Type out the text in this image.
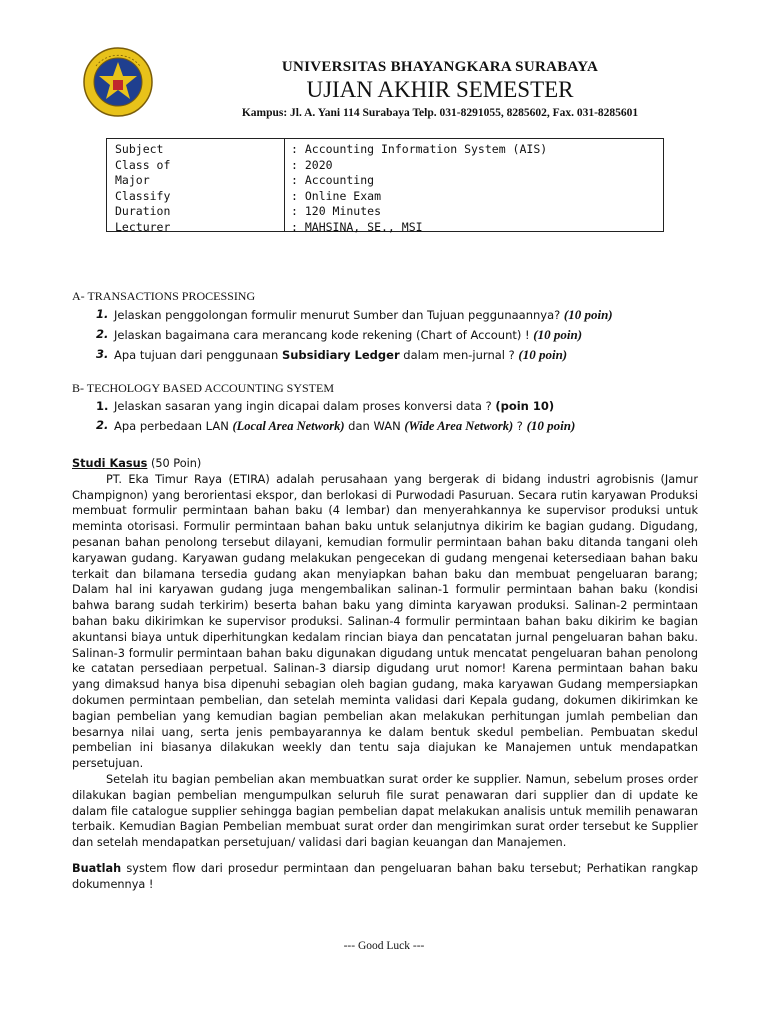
UNIVERSITAS BHAYANGKARA SURABAYA
UJIAN AKHIR SEMESTER
Kampus: Jl. A. Yani 114 Surabaya Telp. 031-8291055, 8285602, Fax. 031-8285601
Subject
Class of
Major
Classify
Duration
Lecturer
: Accounting Information System (AIS)
: 2020
: Accounting
: Online Exam
: 120 Minutes
: MAHSINA, SE., MSI
A- TRANSACTIONS PROCESSING
1. Jelaskan penggolongan formulir menurut Sumber dan Tujuan peggunaannya? (10 poin)
2. Jelaskan bagaimana cara merancang kode rekening (Chart of Account) ! (10 poin)
3. Apa tujuan dari penggunaan Subsidiary Ledger dalam men-jurnal ? (10 poin)
B- TECHOLOGY BASED ACCOUNTING SYSTEM
1. Jelaskan sasaran yang ingin dicapai dalam proses konversi data ? (poin 10)
2. Apa perbedaan LAN (Local Area Network) dan WAN (Wide Area Network) ? (10 poin)
Studi Kasus (50 Poin)

PT. Eka Timur Raya (ETIRA) adalah perusahaan yang bergerak di bidang industri agrobisnis (Jamur Champignon) yang berorientasi ekspor, dan berlokasi di Purwodadi Pasuruan. Secara rutin karyawan Produksi membuat formulir permintaan bahan baku (4 lembar) dan menyerahkannya ke supervisor produksi untuk meminta otorisasi. Formulir permintaan bahan baku untuk selanjutnya dikirim ke bagian gudang. Digudang, pesanan bahan penolong tersebut dilayani, kemudian formulir permintaan bahan baku ditanda tangani oleh karyawan gudang. Karyawan gudang melakukan pengecekan di gudang mengenai ketersediaan bahan baku terkait dan bilamana tersedia gudang akan menyiapkan bahan baku dan membuat pengeluaran barang; Dalam hal ini karyawan gudang juga mengembalikan salinan-1 formulir permintaan bahan baku (kondisi bahwa barang sudah terkirim) beserta bahan baku yang diminta karyawan produksi. Salinan-2 permintaan bahan baku dikirimkan ke supervisor produksi. Salinan-4 formulir permintaan bahan baku dikirim ke bagian akuntansi biaya untuk diperhitungkan kedalam rincian biaya dan pencatatan jurnal pengeluaran bahan baku. Salinan-3 formulir permintaan bahan baku digunakan digudang untuk mencatat pengeluaran bahan penolong ke catatan persediaan perpetual. Salinan-3 diarsip digudang urut nomor! Karena permintaan bahan baku yang dimaksud hanya bisa dipenuhi sebagian oleh bagian gudang, maka karyawan Gudang mempersiapkan dokumen permintaan pembelian, dan setelah meminta validasi dari Kepala gudang, dokumen dikirimkan ke bagian pembelian yang kemudian bagian pembelian akan melakukan perhitungan jumlah pembelian dan besarnya nilai uang, serta jenis pembayarannya ke dalam bentuk skedul pembelian. Pembuatan skedul pembelian ini biasanya dilakukan weekly dan tentu saja diajukan ke Manajemen untuk mendapatkan persetujuan.

Setelah itu bagian pembelian akan membuatkan surat order ke supplier. Namun, sebelum proses order dilakukan bagian pembelian mengumpulkan seluruh file surat penawaran dari supplier dan di update ke dalam file catalogue supplier sehingga bagian pembelian dapat melakukan analisis untuk memilih penawaran terbaik. Kemudian Bagian Pembelian membuat surat order dan mengirimkan surat order tersebut ke Supplier dan setelah mendapatkan persetujuan/ validasi dari bagian keuangan dan Manajemen.

Buatlah system flow dari prosedur permintaan dan pengeluaran bahan baku tersebut; Perhatikan rangkap dokumennya !

--- Good Luck ---
